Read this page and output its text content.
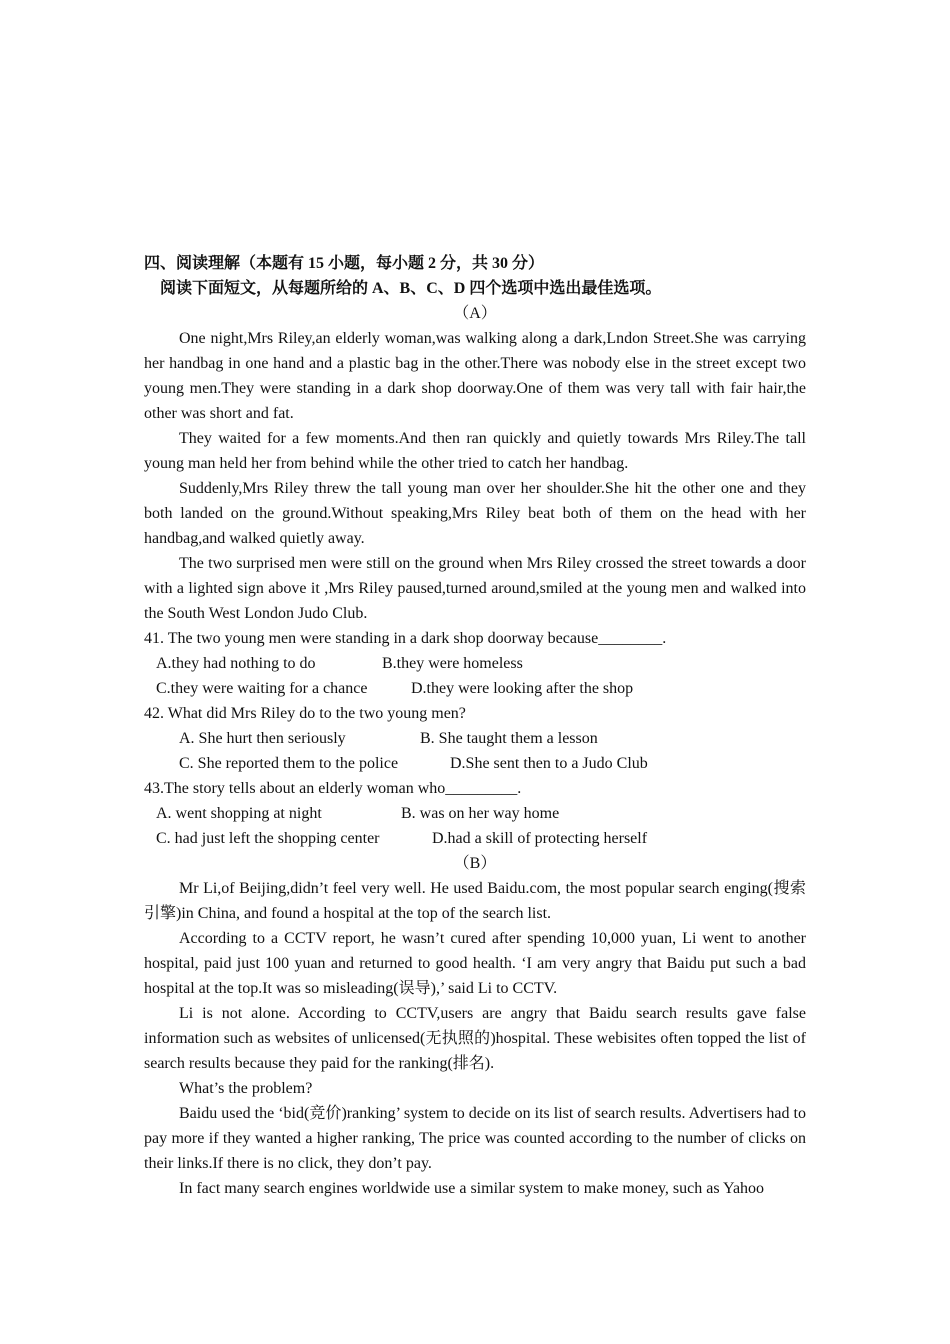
四、阅读理解（本题有 15 小题，每小题 2 分，共 30 分）

阅读下面短文，从每题所给的 A、B、C、D 四个选项中选出最佳选项。

（A）

One night,Mrs Riley,an elderly woman,was walking along a dark,Lndon Street.She was carrying her handbag in one hand and a plastic bag in the other.There was nobody else in the street except two young men.They were standing in a dark shop doorway.One of them was very tall with fair hair,the other was short and fat.

They waited for a few moments.And then ran quickly and quietly towards Mrs Riley.The tall young man held her from behind while the other tried to catch her handbag.

Suddenly,Mrs Riley threw the tall young man over her shoulder.She hit the other one and they both landed on the ground.Without speaking,Mrs Riley beat both of them on the head with her handbag,and walked quietly away.

The two surprised men were still on the ground when Mrs Riley crossed the street towards a door with a lighted sign above it ,Mrs Riley paused,turned around,smiled at the young men and walked into the South West London Judo Club.

41. The two young men were standing in a dark shop doorway because________.

A.they had nothing to do	B.they were homeless

C.they were waiting for a chance	D.they were looking after the shop

42. What did Mrs Riley do to the two young men?

A. She hurt then seriously	B. She taught them a lesson

C. She reported them to the police	D.She sent then to a Judo Club

43.The story tells about an elderly woman who_________.

A. went shopping at night	B. was on her way home

C. had just left the shopping center	D.had a skill of protecting herself

（B）

Mr Li,of Beijing,didn’t feel very well. He used Baidu.com, the most popular search enging(搜索引擎)in China, and found a hospital at the top of the search list.

According to a CCTV report, he wasn’t cured after spending 10,000 yuan, Li went to another hospital, paid just 100 yuan and returned to good health. ‘I am very angry that Baidu put such a bad hospital at the top.It was so misleading(误导),’ said Li to CCTV.

Li is not alone. According to CCTV,users are angry that Baidu search results gave false information such as websites of unlicensed(无执照的)hospital. These webisites often topped the list of search results because they paid for the ranking(排名).

What’s the problem?

Baidu used the ‘bid(竞价)ranking’ system to decide on its list of search results. Advertisers had to pay more if they wanted a higher ranking, The price was counted according to the number of clicks on their links.If there is no click, they don’t pay.

In fact many search engines worldwide use a similar system to make money, such as Yahoo
